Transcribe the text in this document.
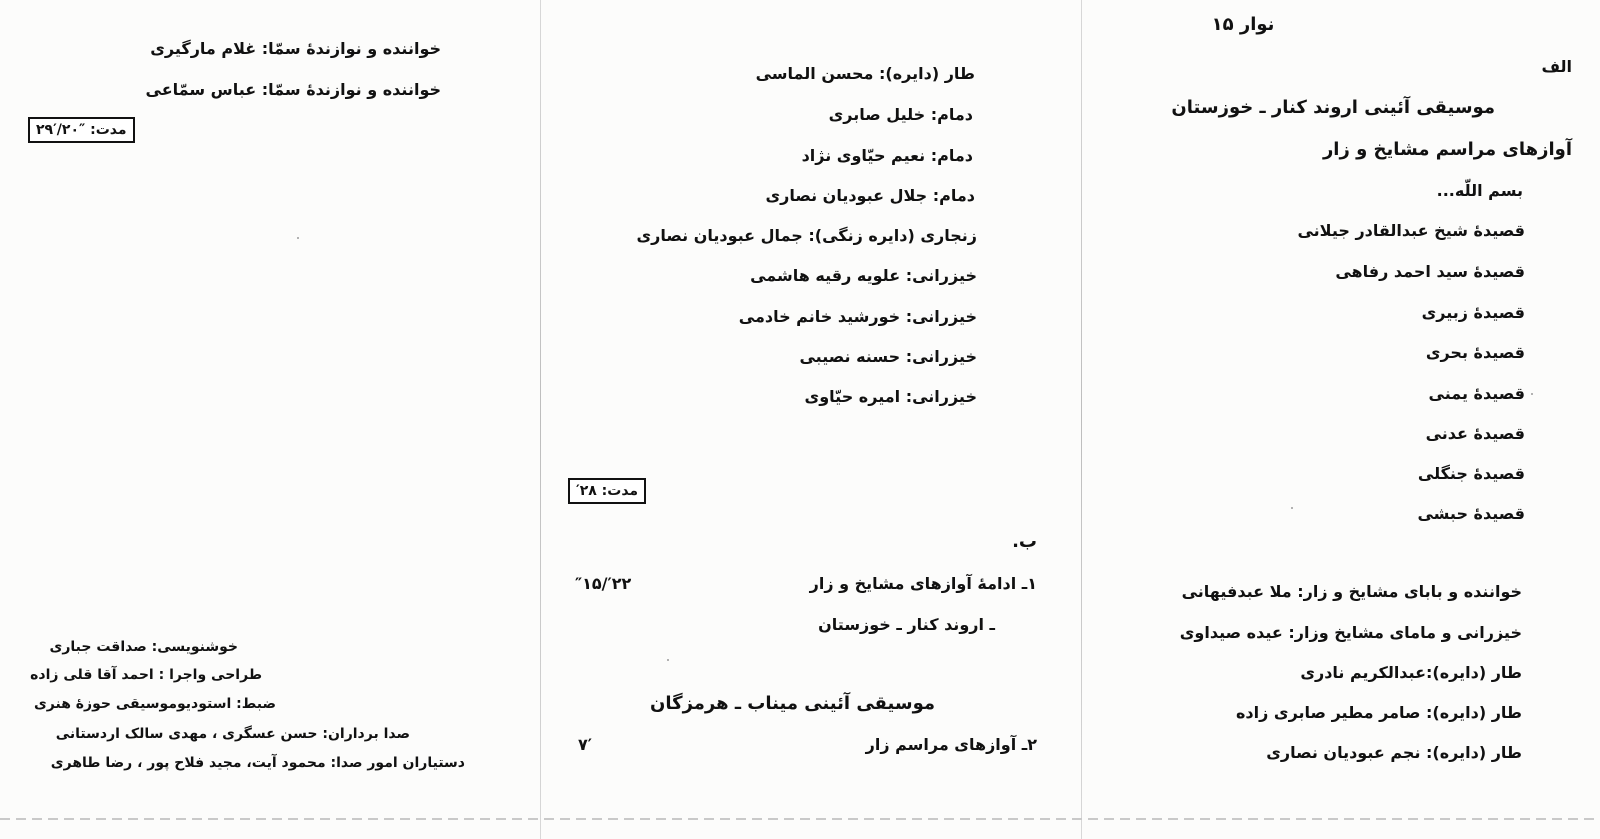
نوار ۱۵
الف
موسیقی آئینی اروند کنار ـ خوزستان
آوازهای مراسم مشایخ و زار
بسم اللّه...
قصیدهٔ شیخ عبدالقادر جیلانی
قصیدهٔ سید احمد رفاهی
قصیدهٔ زبیری
قصیدهٔ بحری
قصیدهٔ یمنی
قصیدهٔ عدنی
قصیدهٔ جنگلی
قصیدهٔ حبشی
خواننده و بابای مشایخ و زار: ملا عبدفیهانی
خیزرانی و مامای مشایخ وزار: عیده صیداوی
طار (دایره):عبدالکریم نادری
طار (دایره): صامر مطیر صابری زاده
طار (دایره): نجم عبودیان نصاری
طار (دایره): محسن الماسی
دمام: خلیل صابری
دمام: نعیم حیّاوی نژاد
دمام: جلال عبودیان نصاری
زنجاری (دایره زنگی): جمال عبودیان نصاری
خیزرانی: علویه رقیه هاشمی
خیزرانی: خورشید خانم خادمی
خیزرانی: حسنه نصیبی
خیزرانی: امیره حیّاوی
مدت: ۲۸′
ب.
۱ـ ادامهٔ آوازهای مشایخ و زار
″۱۵/′۲۲
ـ اروند کنار ـ خوزستان
موسیقی آئینی میناب ـ هرمزگان
۲ـ آوازهای مراسم زار
۷′
خواننده و نوازندهٔ سمّا: غلام مارگیری
خواننده و نوازندهٔ سمّا: عباس سمّاعی
مدت: ″۲۰/′۲۹
خوشنویسی: صداقت جباری
طراحی واجرا : احمد آقا قلی زاده
ضبط: استودیوموسیقی حوزهٔ هنری
صدا برداران: حسن عسگری ، مهدی سالک اردستانی
دستیاران امور صدا: محمود آیت، مجید فلاح پور ، رضا طاهری
